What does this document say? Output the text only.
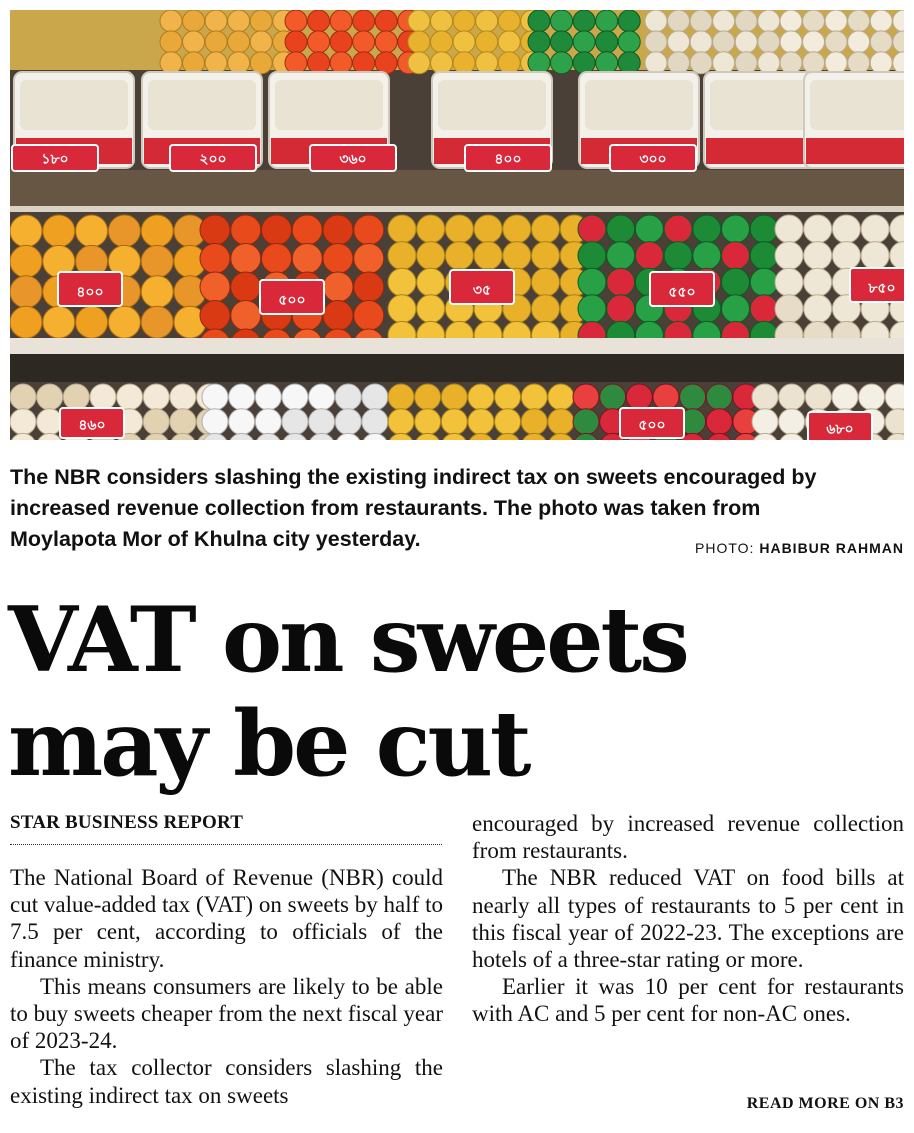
১৮০	২০০	৩৬০	৪০০	৩০০
৪০০	৫০০
৩৫	৫৫০	৮৫০
৪৬০	৫০০	৬৮০
The NBR considers slashing the existing indirect tax on sweets encouraged by increased revenue collection from restaurants. The photo was taken from Moylapota Mor of Khulna city yesterday.	PHOTO: HABIBUR RAHMAN
VAT on sweets
may be cut
STAR BUSINESS REPORT

The National Board of Revenue (NBR) could cut value-added tax (VAT) on sweets by half to 7.5 per cent, according to officials of the finance ministry.

This means consumers are likely to be able to buy sweets cheaper from the next fiscal year of 2023-24.

The tax collector considers slashing the existing indirect tax on sweets

encouraged by increased revenue collection from restaurants.

The NBR reduced VAT on food bills at nearly all types of restaurants to 5 per cent in this fiscal year of 2022-23. The exceptions are hotels of a three-star rating or more.

Earlier it was 10 per cent for restaurants with AC and 5 per cent for non-AC ones.

READ MORE ON B3
